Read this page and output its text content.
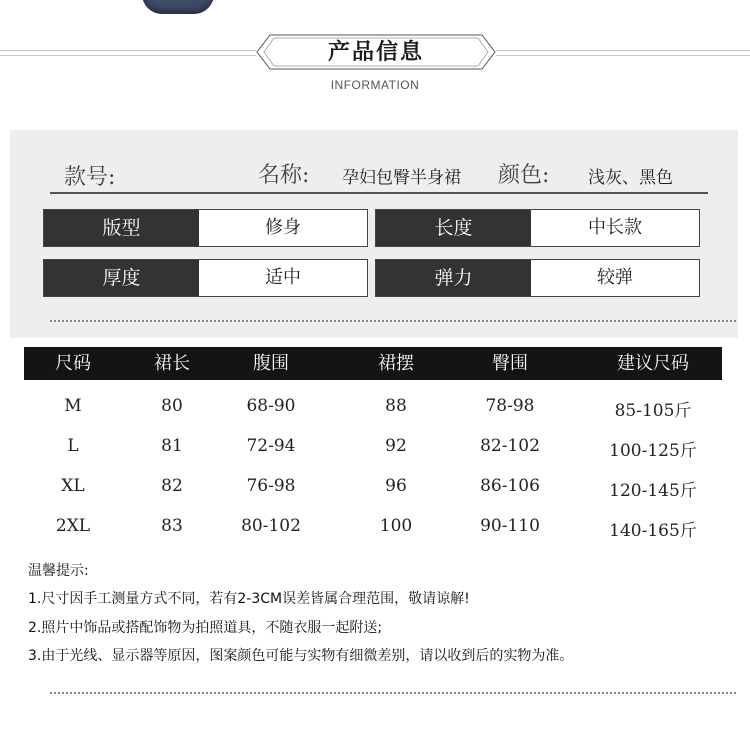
产品信息
INFORMATION
款号:	名称: 孕妇包臀半身裙 颜色: 浅灰、黑色
版型	修身	长度	中长款
厚度	适中	弹力	较弹
尺码	裙长	腹围	裙摆	臀围	建议尺码
M	80	68-90	88	78-98	85-105斤
L	81	72-94	92	82-102	100-125斤
XL	82	76-98	96	86-106	120-145斤
2XL	83	80-102	100	90-110	140-165斤
温馨提示:
1.尺寸因手工测量方式不同，若有2-3CM误差皆属合理范围，敬请谅解!
2.照片中饰品或搭配饰物为拍照道具，不随衣服一起附送;
3.由于光线、显示器等原因，图案颜色可能与实物有细微差别，请以收到后的实物为准。
